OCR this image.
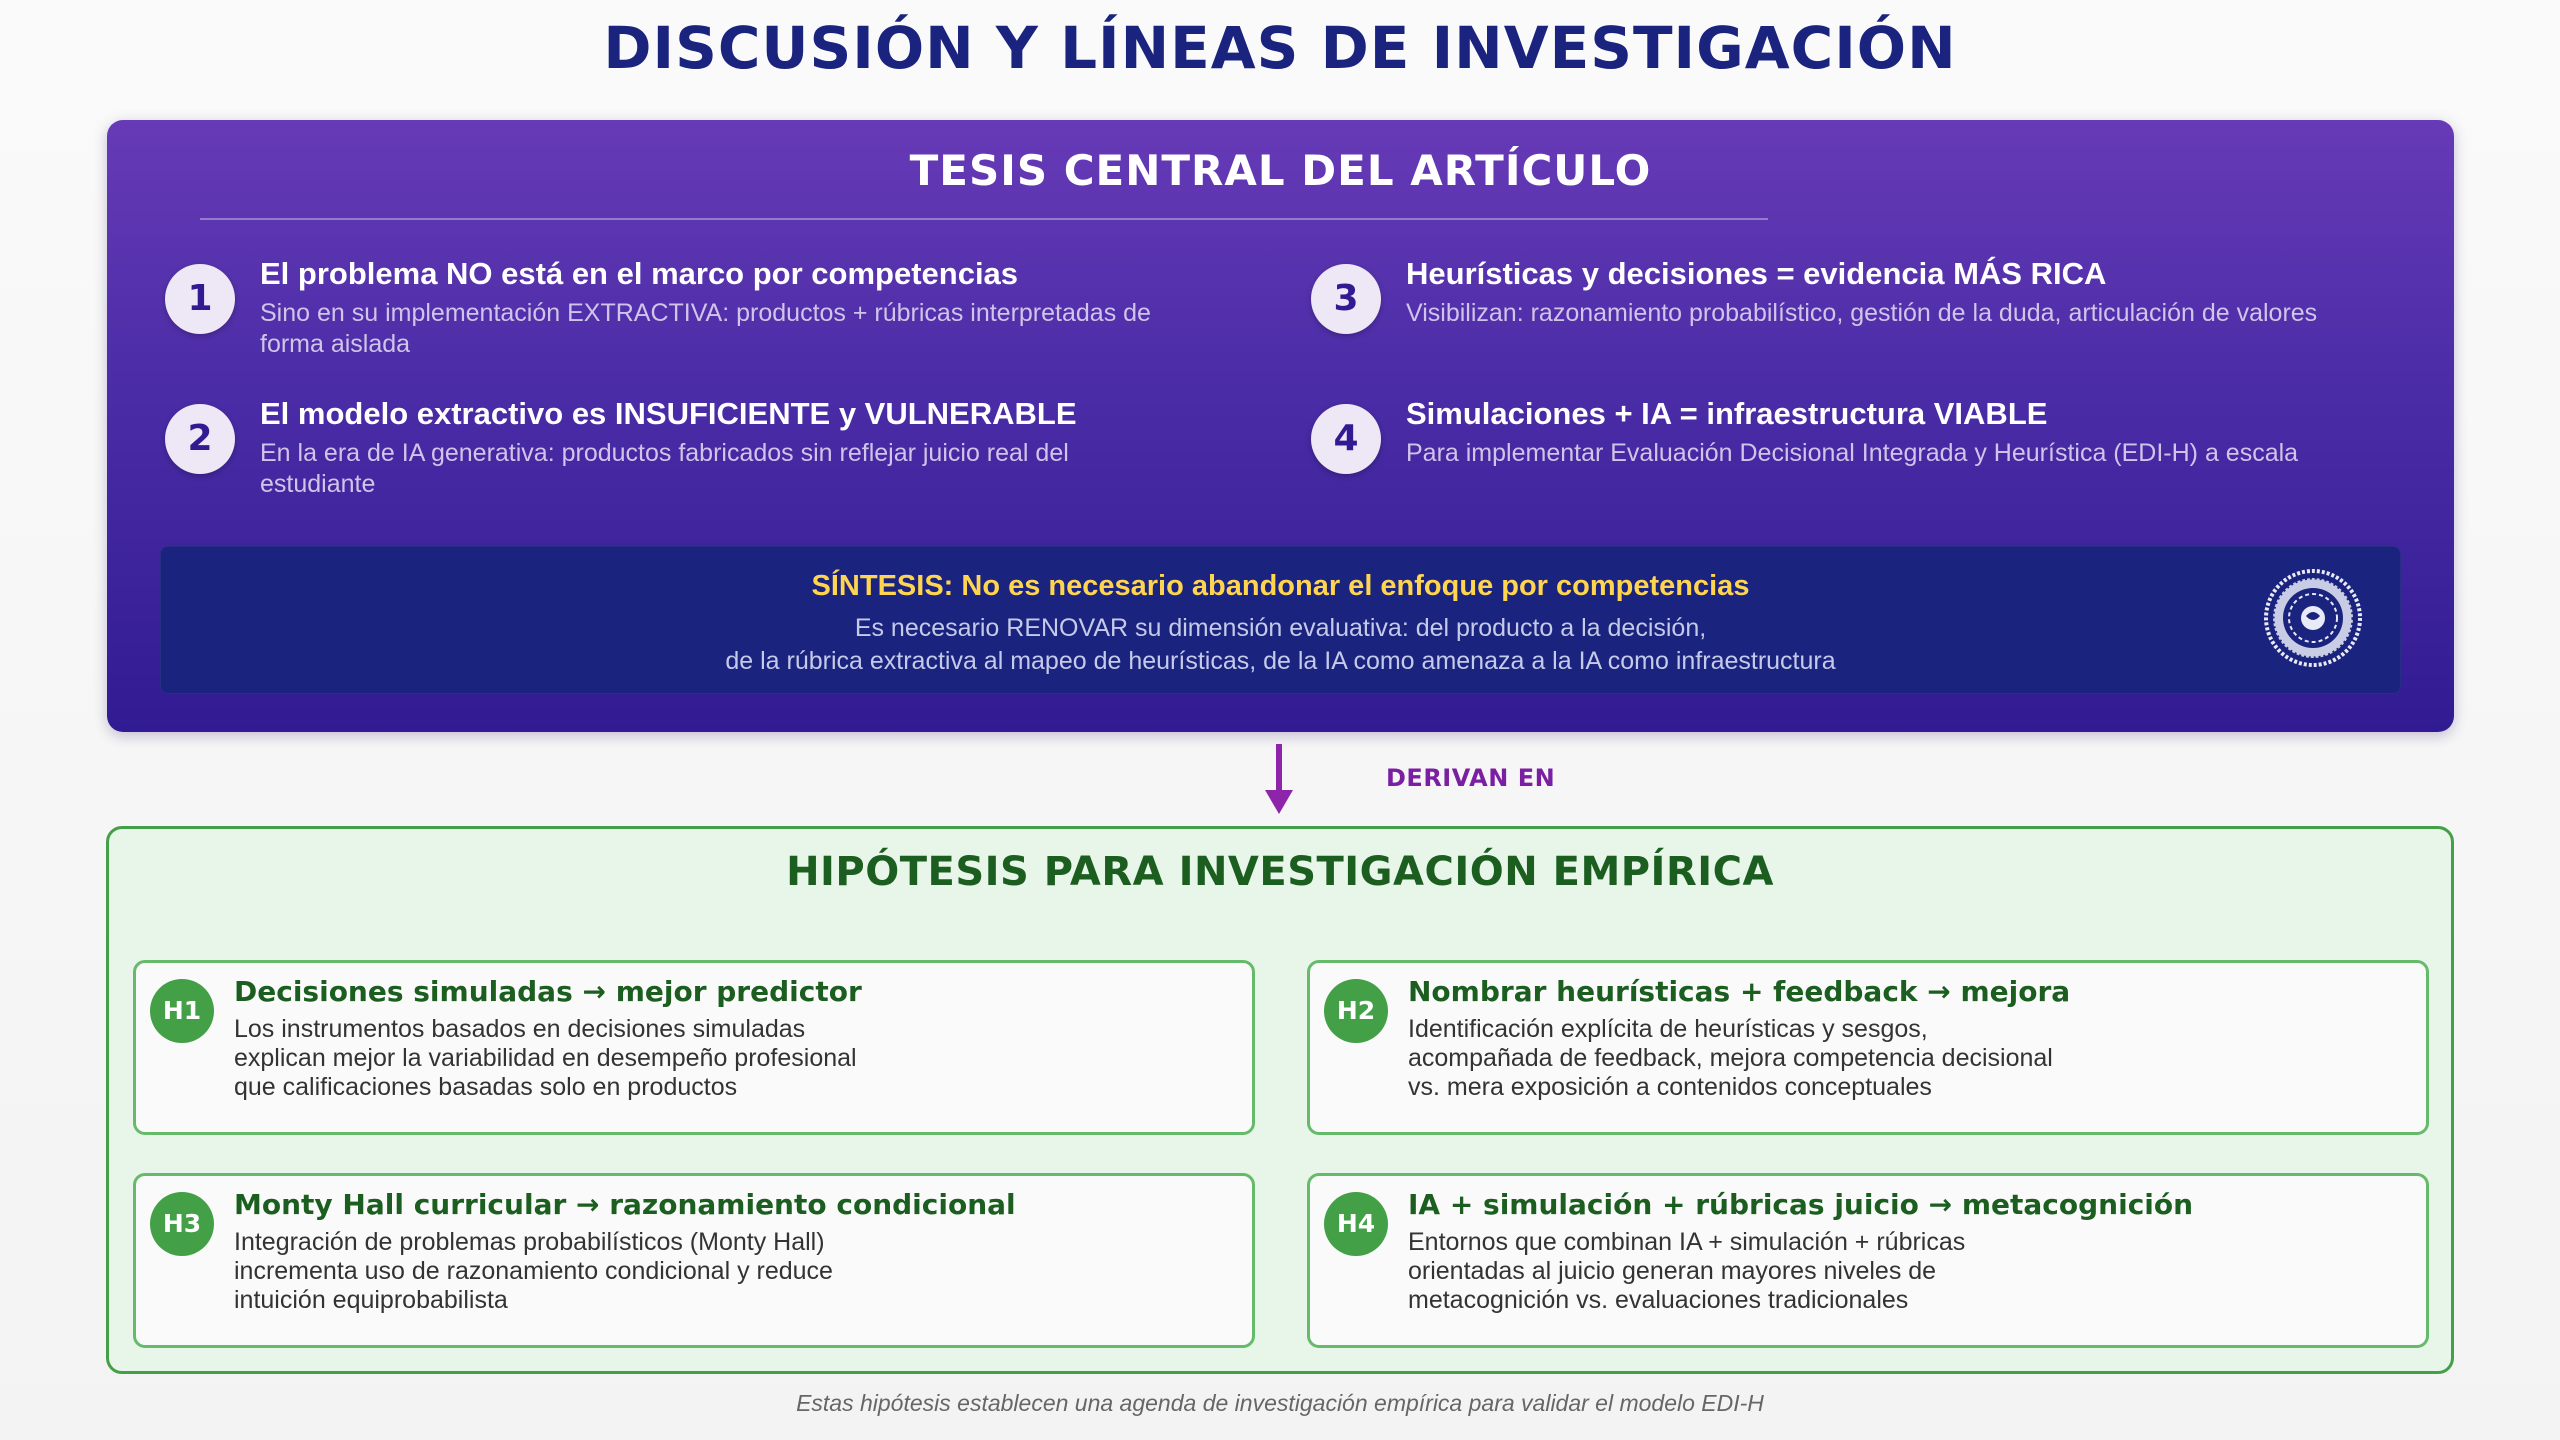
DISCUSIÓN Y LÍNEAS DE INVESTIGACIÓN
TESIS CENTRAL DEL ARTÍCULO
1
El problema NO está en el marco por competencias
Sino en su implementación EXTRACTIVA: productos + rúbricas interpretadas de forma aislada
2
El modelo extractivo es INSUFICIENTE y VULNERABLE
En la era de IA generativa: productos fabricados sin reflejar juicio real del estudiante
3
Heurísticas y decisiones = evidencia MÁS RICA
Visibilizan: razonamiento probabilístico, gestión de la duda, articulación de valores
4
Simulaciones + IA = infraestructura VIABLE
Para implementar Evaluación Decisional Integrada y Heurística (EDI-H) a escala
SÍNTESIS: No es necesario abandonar el enfoque por competencias
Es necesario RENOVAR su dimensión evaluativa: del producto a la decisión,
de la rúbrica extractiva al mapeo de heurísticas, de la IA como amenaza a la IA como infraestructura
DERIVAN EN
HIPÓTESIS PARA INVESTIGACIÓN EMPÍRICA
H1
Decisiones simuladas → mejor predictor
Los instrumentos basados en decisiones simuladas
explican mejor la variabilidad en desempeño profesional
que calificaciones basadas solo en productos
H2
Nombrar heurísticas + feedback → mejora
Identificación explícita de heurísticas y sesgos,
acompañada de feedback, mejora competencia decisional
vs. mera exposición a contenidos conceptuales
H3
Monty Hall curricular → razonamiento condicional
Integración de problemas probabilísticos (Monty Hall)
incrementa uso de razonamiento condicional y reduce
intuición equiprobabilista
H4
IA + simulación + rúbricas juicio → metacognición
Entornos que combinan IA + simulación + rúbricas
orientadas al juicio generan mayores niveles de
metacognición vs. evaluaciones tradicionales
Estas hipótesis establecen una agenda de investigación empírica para validar el modelo EDI-H
